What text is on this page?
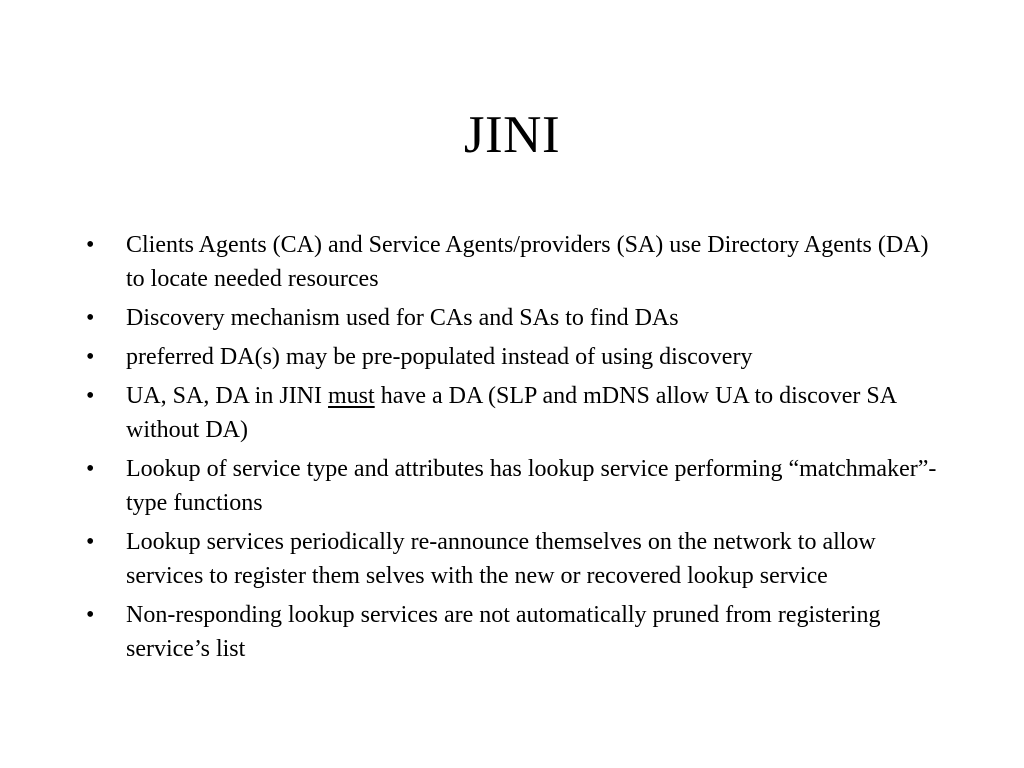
JINI
•	Clients Agents (CA) and Service Agents/providers (SA) use Directory Agents (DA) to locate needed resources
•	Discovery mechanism used for CAs and SAs to find DAs
•	preferred DA(s) may be pre-populated instead of using discovery
•	UA, SA, DA in JINI must have a DA (SLP and mDNS allow UA to discover SA without DA)
•	Lookup of service type and attributes has lookup service performing “matchmaker”-type functions
•	Lookup services periodically re-announce themselves on the network to allow services to register them selves with the new or recovered lookup service
•	Non-responding lookup services are not automatically pruned from registering service’s list
